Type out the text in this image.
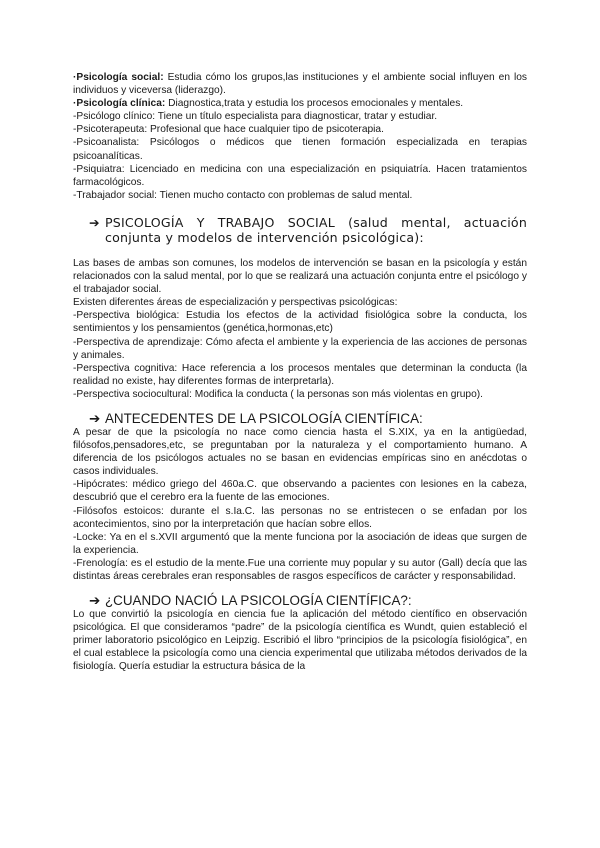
·Psicología social: Estudia cómo los grupos,las instituciones y el ambiente social influyen en los individuos y viceversa (liderazgo).

·Psicología clínica: Diagnostica,trata y estudia los procesos emocionales y mentales.

-Psicólogo clínico: Tiene un título especialista para diagnosticar, tratar y estudiar.

-Psicoterapeuta: Profesional que hace cualquier tipo de psicoterapia.

-Psicoanalista: Psicólogos o médicos que tienen formación especializada en terapias psicoanalíticas.

-Psiquiatra: Licenciado en medicina con una especialización en psiquiatría. Hacen tratamientos farmacológicos.

-Trabajador social: Tienen mucho contacto con problemas de salud mental.

➔ PSICOLOGÍA Y TRABAJO SOCIAL (salud mental, actuación conjunta y modelos de intervención psicológica):

Las bases de ambas son comunes, los modelos de intervención se basan en la psicología y están relacionados con la salud mental, por lo que se realizará una actuación conjunta entre el psicólogo y el trabajador social.

Existen diferentes áreas de especialización y perspectivas psicológicas:

-Perspectiva biológica: Estudia los efectos de la actividad fisiológica sobre la conducta, los sentimientos y los pensamientos (genética,hormonas,etc)

-Perspectiva de aprendizaje: Cómo afecta el ambiente y la experiencia de las acciones de personas y animales.

-Perspectiva cognitiva: Hace referencia a los procesos mentales que determinan la conducta (la realidad no existe, hay diferentes formas de interpretarla).

-Perspectiva sociocultural: Modifica la conducta ( la personas son más violentas en grupo).

➔ ANTECEDENTES DE LA PSICOLOGÍA CIENTÍFICA:

A pesar de que la psicología no nace como ciencia hasta el S.XIX, ya en la antigüedad, filósofos,pensadores,etc, se preguntaban por la naturaleza y el comportamiento humano. A diferencia de los psicólogos actuales no se basan en evidencias empíricas sino en anécdotas o casos individuales.

-Hipócrates: médico griego del 460a.C. que observando a pacientes con lesiones en la cabeza, descubrió que el cerebro era la fuente de las emociones.

-Filósofos estoicos: durante el s.Ia.C. las personas no se entristecen o se enfadan por los acontecimientos, sino por la interpretación que hacían sobre ellos.

-Locke: Ya en el s.XVII argumentó que la mente funciona por la asociación de ideas que surgen de la experiencia.

-Frenología: es el estudio de la mente.Fue una corriente muy popular y su autor (Gall) decía que las distintas áreas cerebrales eran responsables de rasgos específicos de carácter y responsabilidad.

➔ ¿CUANDO NACIÓ LA PSICOLOGÍA CIENTÍFICA?:

Lo que convirtió la psicología en ciencia fue la aplicación del método científico en observación psicológica. El que consideramos “padre” de la psicología científica es Wundt, quien estableció el primer laboratorio psicológico en Leipzig. Escribió el libro “principios de la psicología fisiológica”, en el cual establece la psicología como una ciencia experimental que utilizaba métodos derivados de la fisiología. Quería estudiar la estructura básica de la
